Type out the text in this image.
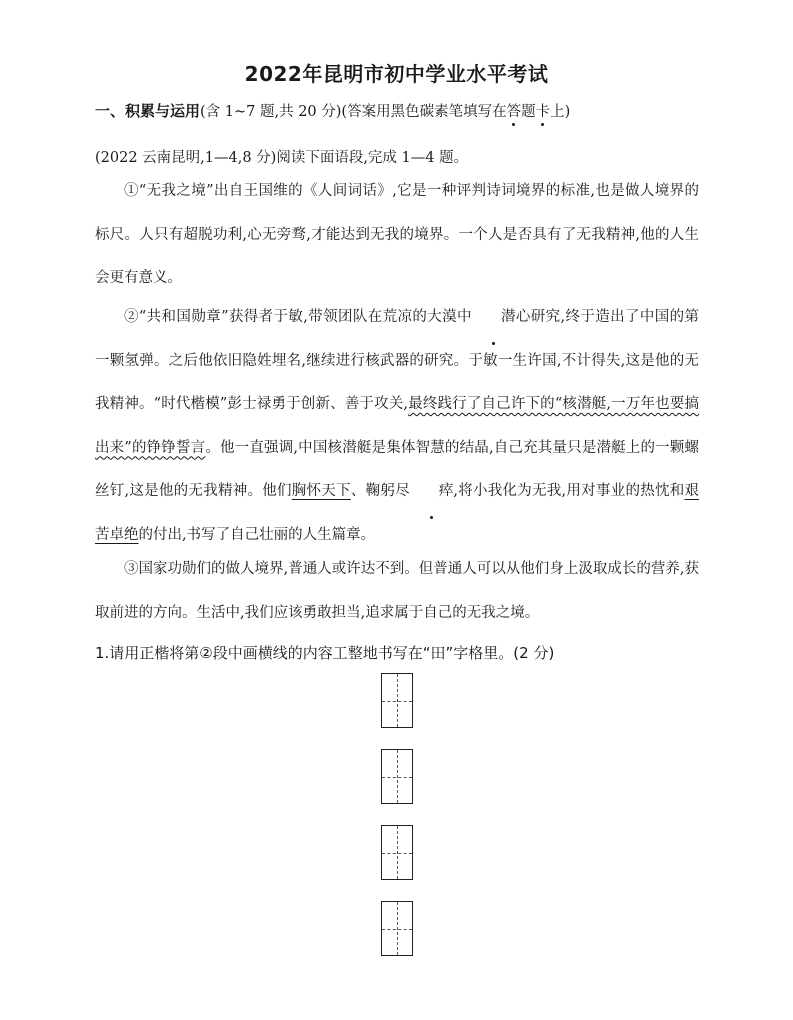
2022年昆明市初中学业水平考试
一、积累与运用(含 1~7 题,共 20 分)(答案用黑色碳素笔填写在答题卡上)
(2022 云南昆明,1—4,8 分)阅读下面语段,完成 1—4 题。
①“无我之境”出自王国维的《人间词话》,它是一种评判诗词境界的标准,也是做人境界的标尺。人只有超脱功利,心无旁骛,才能达到无我的境界。一个人是否具有了无我精神,他的人生会更有意义。
②“共和国勋章”获得者于敏,带领团队在荒凉的大漠中 潜心研究,终于造出了中国的第一颗氢弹。之后他依旧隐姓埋名,继续进行核武器的研究。于敏一生许国,不计得失,这是他的无我精神。“时代楷模”彭士禄勇于创新、善于攻关,最终践行了自己许下的“核潜艇,一万年也要搞出来”的铮铮誓言。他一直强调,中国核潜艇是集体智慧的结晶,自己充其量只是潜艇上的一颗螺丝钉,这是他的无我精神。他们胸怀天下、鞠躬尽 瘁,将小我化为无我,用对事业的热忱和艰苦卓绝的付出,书写了自己壮丽的人生篇章。
③国家功勋们的做人境界,普通人或许达不到。但普通人可以从他们身上汲取成长的营养,获取前进的方向。生活中,我们应该勇敢担当,追求属于自己的无我之境。
1.请用正楷将第②段中画横线的内容工整地书写在“田”字格里。(2 分)
